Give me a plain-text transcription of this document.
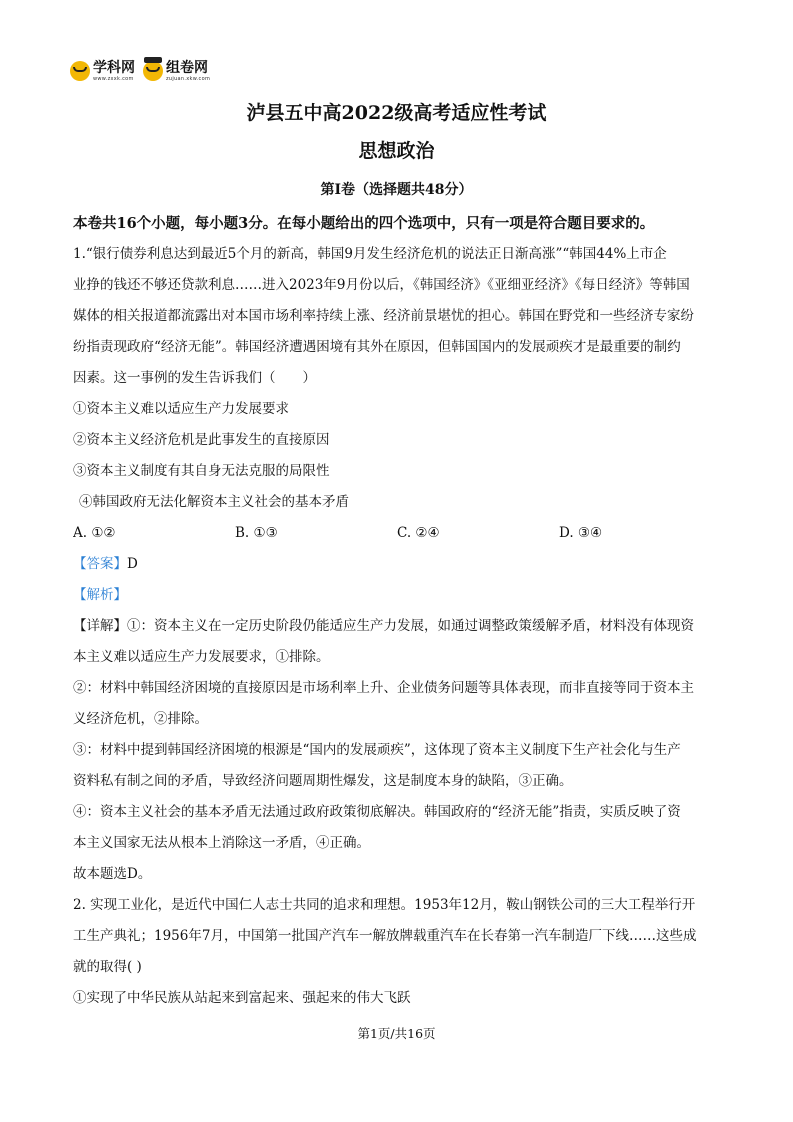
学科网
www.zxxk.com
组卷网
zujuan.xkw.com
泸县五中高2022级高考适应性考试
思想政治
第Ⅰ卷（选择题共48分）
本卷共16个小题，每小题3分。在每小题给出的四个选项中，只有一项是符合题目要求的。
1.“银行债券利息达到最近5个月的新高，韩国9月发生经济危机的说法正日渐高涨”“韩国44%上市企
业挣的钱还不够还贷款利息……进入2023年9月份以后，《韩国经济》《亚细亚经济》《每日经济》等韩国
媒体的相关报道都流露出对本国市场利率持续上涨、经济前景堪忧的担心。韩国在野党和一些经济专家纷
纷指责现政府“经济无能”。韩国经济遭遇困境有其外在原因，但韩国国内的发展顽疾才是最重要的制约
因素。这一事例的发生告诉我们（　　）
①资本主义难以适应生产力发展要求
②资本主义经济危机是此事发生的直接原因
③资本主义制度有其自身无法克服的局限性
④韩国政府无法化解资本主义社会的基本矛盾
A. ①②	B. ①③	C. ②④	D. ③④
【答案】D
【解析】
【详解】①：资本主义在一定历史阶段仍能适应生产力发展，如通过调整政策缓解矛盾，材料没有体现资
本主义难以适应生产力发展要求，①排除。
②：材料中韩国经济困境的直接原因是市场利率上升、企业债务问题等具体表现，而非直接等同于资本主
义经济危机，②排除。
③：材料中提到韩国经济困境的根源是“国内的发展顽疾”，这体现了资本主义制度下生产社会化与生产
资料私有制之间的矛盾，导致经济问题周期性爆发，这是制度本身的缺陷，③正确。
④：资本主义社会的基本矛盾无法通过政府政策彻底解决。韩国政府的“经济无能”指责，实质反映了资
本主义国家无法从根本上消除这一矛盾，④正确。
故本题选D。
2. 实现工业化，是近代中国仁人志士共同的追求和理想。1953年12月，鞍山钢铁公司的三大工程举行开
工生产典礼；1956年7月，中国第一批国产汽车一解放牌载重汽车在长春第一汽车制造厂下线……这些成
就的取得( )
①实现了中华民族从站起来到富起来、强起来的伟大飞跃
第1页/共16页
